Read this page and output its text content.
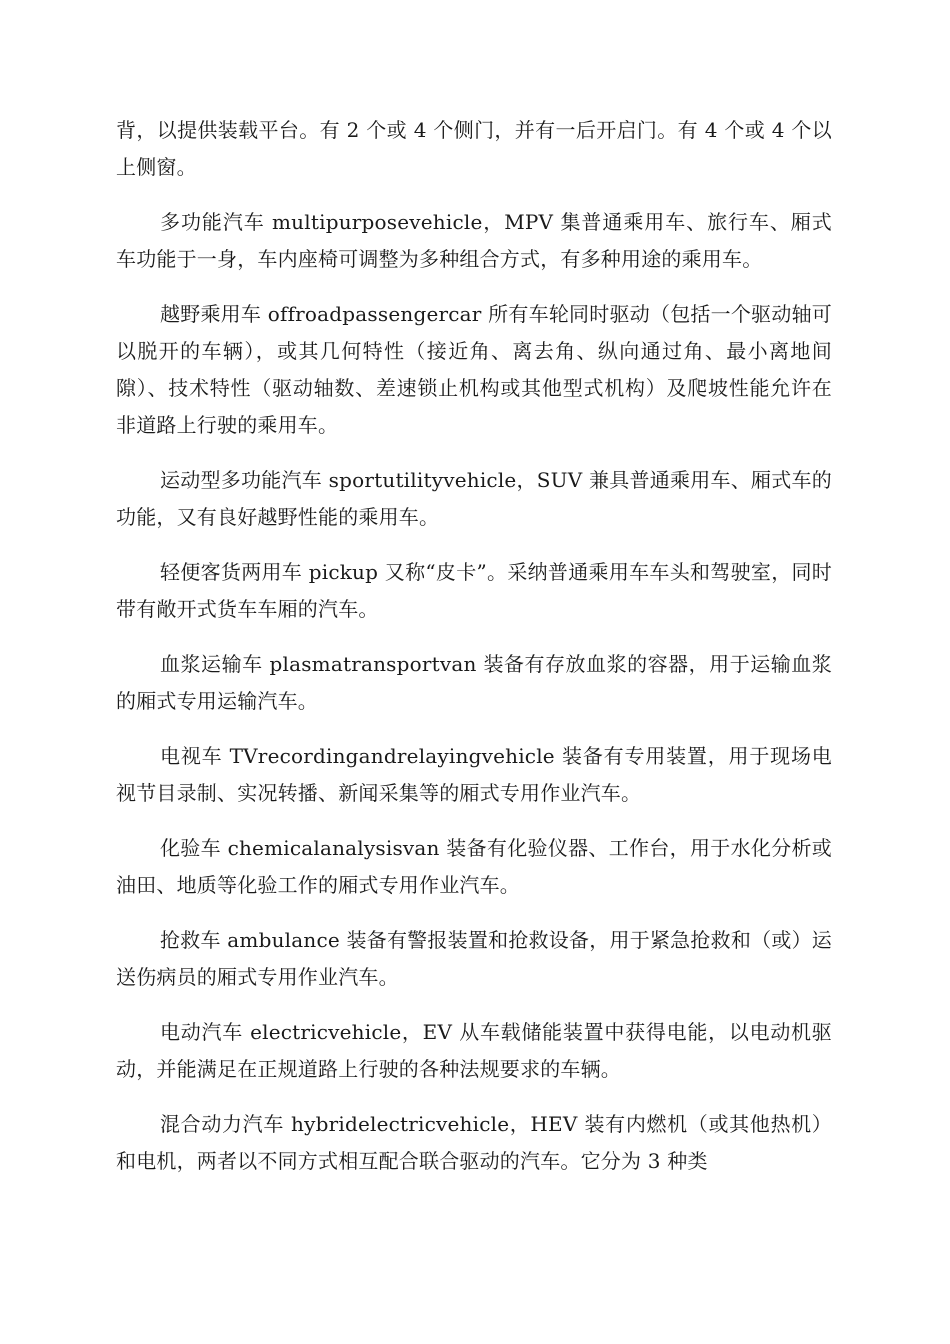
背，以提供装载平台。有 2 个或 4 个侧门，并有一后开启门。有 4 个或 4 个以上侧窗。

多功能汽车 multipurposevehicle，MPV 集普通乘用车、旅行车、厢式车功能于一身，车内座椅可调整为多种组合方式，有多种用途的乘用车。

越野乘用车 offroadpassengercar 所有车轮同时驱动（包括一个驱动轴可以脱开的车辆），或其几何特性（接近角、离去角、纵向通过角、最小离地间隙）、技术特性（驱动轴数、差速锁止机构或其他型式机构）及爬坡性能允许在非道路上行驶的乘用车。

运动型多功能汽车 sportutilityvehicle，SUV 兼具普通乘用车、厢式车的功能，又有良好越野性能的乘用车。

轻便客货两用车 pickup 又称“皮卡”。采纳普通乘用车车头和驾驶室，同时带有敞开式货车车厢的汽车。

血浆运输车 plasmatransportvan 装备有存放血浆的容器，用于运输血浆的厢式专用运输汽车。

电视车 TVrecordingandrelayingvehicle 装备有专用装置，用于现场电视节目录制、实况转播、新闻采集等的厢式专用作业汽车。

化验车 chemicalanalysisvan 装备有化验仪器、工作台，用于水化分析或油田、地质等化验工作的厢式专用作业汽车。

抢救车 ambulance 装备有警报装置和抢救设备，用于紧急抢救和（或）运送伤病员的厢式专用作业汽车。

电动汽车 electricvehicle，EV 从车载储能装置中获得电能，以电动机驱动，并能满足在正规道路上行驶的各种法规要求的车辆。

混合动力汽车 hybridelectricvehicle，HEV 装有内燃机（或其他热机）和电机，两者以不同方式相互配合联合驱动的汽车。它分为 3 种类
